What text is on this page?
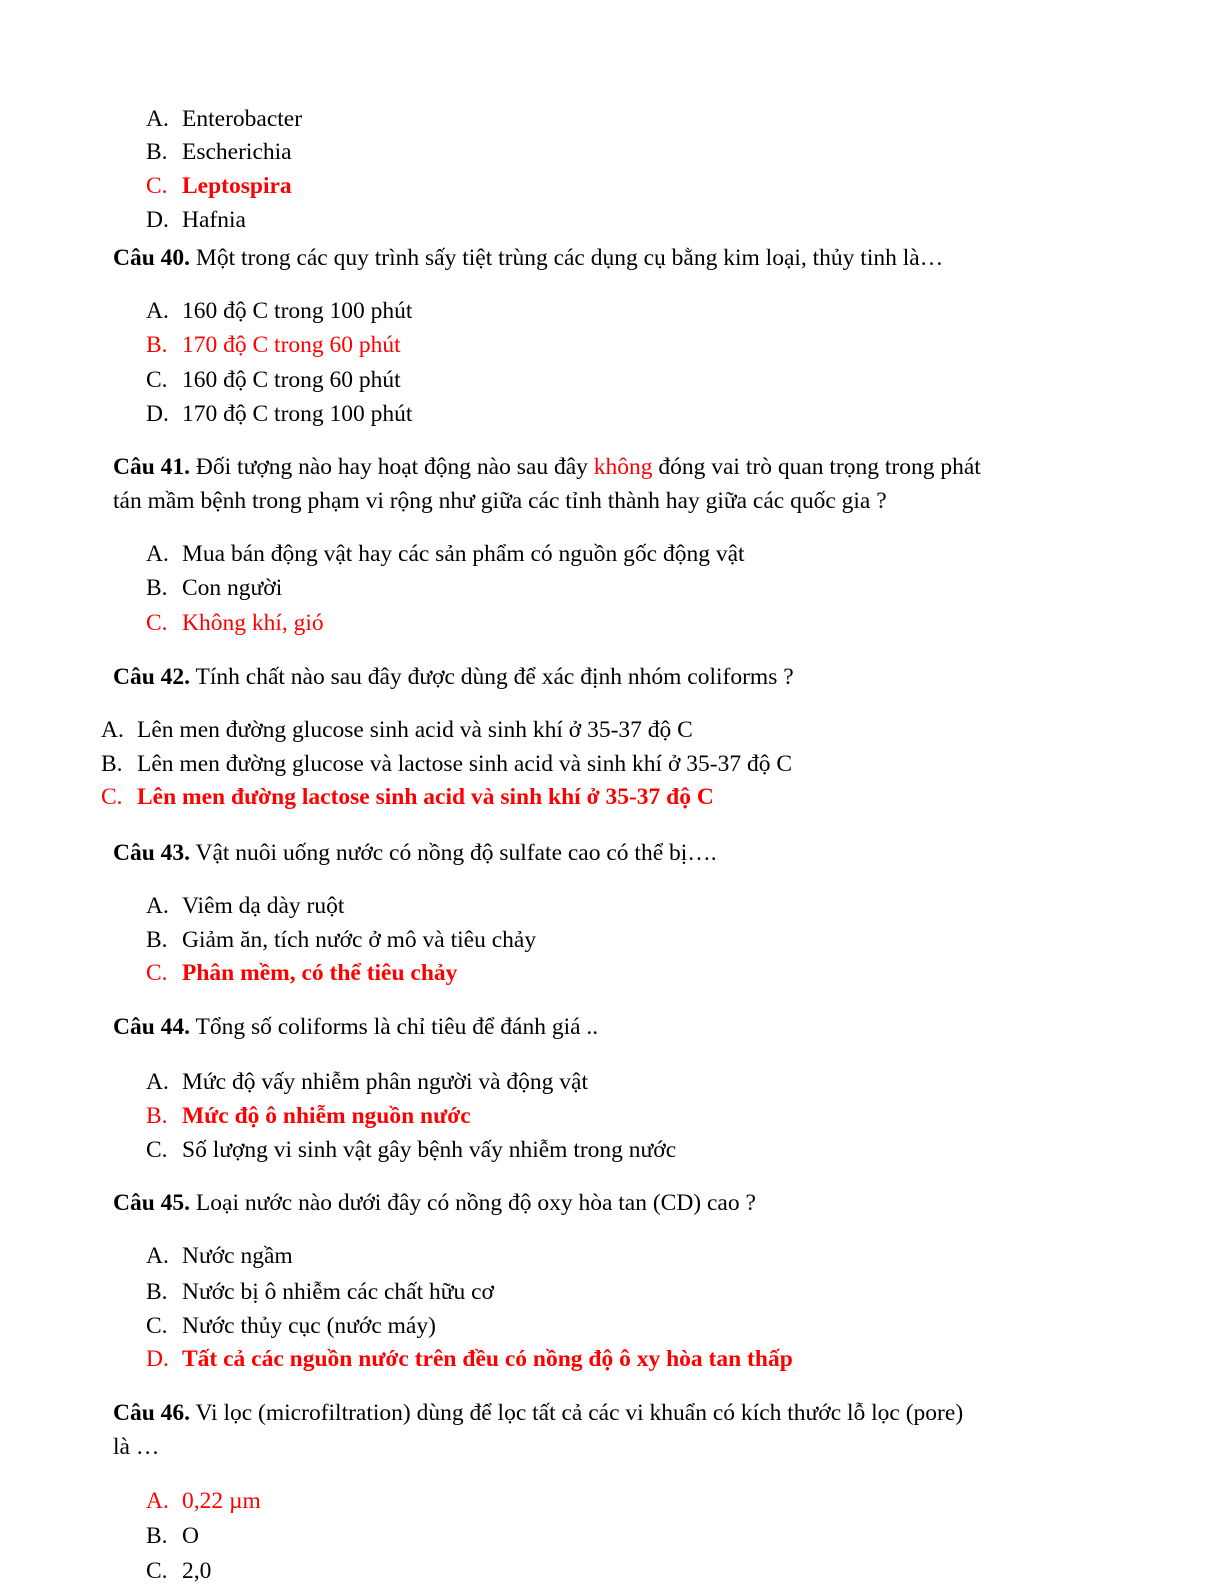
A. Enterobacter
B. Escherichia
C. Leptospira
D. Hafnia
Câu 40. Một trong các quy trình sấy tiệt trùng các dụng cụ bằng kim loại, thủy tinh là…
A. 160 độ C trong 100 phút
B. 170 độ C trong 60 phút
C. 160 độ C trong 60 phút
D. 170 độ C trong 100 phút
Câu 41. Đối tượng nào hay hoạt động nào sau đây không đóng vai trò quan trọng trong phát
tán mầm bệnh trong phạm vi rộng như giữa các tỉnh thành hay giữa các quốc gia ?
A. Mua bán động vật hay các sản phẩm có nguồn gốc động vật
B. Con người
C. Không khí, gió
Câu 42. Tính chất nào sau đây được dùng để xác định nhóm coliforms ?
A. Lên men đường glucose sinh acid và sinh khí ở 35-37 độ C
B. Lên men đường glucose và lactose sinh acid và sinh khí ở 35-37 độ C
C. Lên men đường lactose sinh acid và sinh khí ở 35-37 độ C
Câu 43. Vật nuôi uống nước có nồng độ sulfate cao có thể bị….
A. Viêm dạ dày ruột
B. Giảm ăn, tích nước ở mô và tiêu chảy
C. Phân mềm, có thể tiêu chảy
Câu 44. Tổng số coliforms là chỉ tiêu để đánh giá ..
A. Mức độ vấy nhiễm phân người và động vật
B. Mức độ ô nhiễm nguồn nước
C. Số lượng vi sinh vật gây bệnh vấy nhiễm trong nước
Câu 45. Loại nước nào dưới đây có nồng độ oxy hòa tan (CD) cao ?
A. Nước ngầm
B. Nước bị ô nhiễm các chất hữu cơ
C. Nước thủy cục (nước máy)
D. Tất cả các nguồn nước trên đều có nồng độ ô xy hòa tan thấp
Câu 46. Vi lọc (microfiltration) dùng để lọc tất cả các vi khuẩn có kích thước lỗ lọc (pore)
là …
A. 0,22 µm
B. O
C. 2,0
